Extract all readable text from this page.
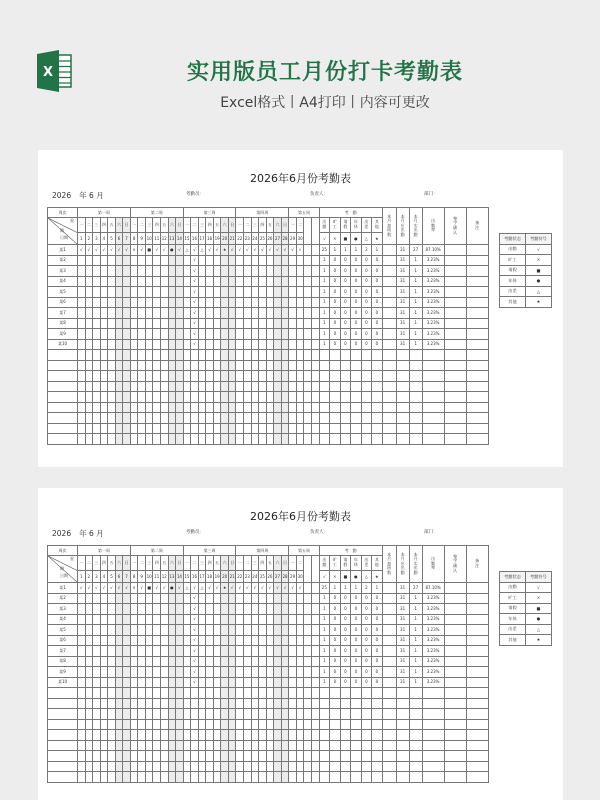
X	实用版员工月份打卡考勤表
Excel格式丨A4打印丨内容可更改
2026年6月份考勤表
2026 年 6 月	考勤员：	负责人：	部门：
周次	第一周							第二周							第三周							第四周							第五周				考　勤						本月加班数	本月应出勤	本月实出勤	出勤率	签字确认	备注

星
期
日期	一	二	三	四	五	六	日	一	二	三	四	五	六	日	一	二	三	四	五	六	日	一	二	三	四	五	六	日	一	二			出勤	旷工	请假	年休	出差	其他						
	1	2	3	4	5	6	7	8	9	10	11	12	13	14	15	16	17	18	19	20	21	22	23	24	25	26	27	28	29	30			√	×	■	●	△	★						
某1	√	√	√	√	√	√	√	×	√	■	√	√	●	√	△	√	△	√	√	★	√	√	√	√	√	√	√	√	√	√			25	1	1	1	2	1		31	27	87.10%		
某2																√																	1	0	0	0	0	0		31	1	3.23%		
某3																√																	1	0	0	0	0	0		31	1	3.23%		
某4																√																	1	0	0	0	0	0		31	1	3.23%		
某5																√																	1	0	0	0	0	0		31	1	3.23%		
某6																√																	1	0	0	0	0	0		31	1	3.23%		
某7																√																	1	0	0	0	0	0		31	1	3.23%		
某8																√																	1	0	0	0	0	0		31	1	3.23%		
某9																√																	1	0	0	0	0	0		31	1	3.23%		
某10																√																	1	0	0	0	0	0		31	1	3.23%		

考勤状态	考勤符号
出勤	√
旷工	×
请假	■
年休	●
出差	△
其他	★
2026年6月份考勤表
2026 年 6 月	考勤员：	负责人：	部门：
周次	第一周							第二周							第三周							第四周							第五周				考　勤						本月加班数	本月应出勤	本月实出勤	出勤率	签字确认	备注

星
期
日期	一	二	三	四	五	六	日	一	二	三	四	五	六	日	一	二	三	四	五	六	日	一	二	三	四	五	六	日	一	二			出勤	旷工	请假	年休	出差	其他						
	1	2	3	4	5	6	7	8	9	10	11	12	13	14	15	16	17	18	19	20	21	22	23	24	25	26	27	28	29	30			√	×	■	●	△	★						
某1	√	√	√	√	√	√	√	×	√	■	√	√	●	√	△	√	△	√	√	★	√	√	√	√	√	√	√	√	√	√			25	1	1	1	2	1		31	27	87.10%		
某2																√																	1	0	0	0	0	0		31	1	3.23%		
某3																√																	1	0	0	0	0	0		31	1	3.23%		
某4																√																	1	0	0	0	0	0		31	1	3.23%		
某5																√																	1	0	0	0	0	0		31	1	3.23%		
某6																√																	1	0	0	0	0	0		31	1	3.23%		
某7																√																	1	0	0	0	0	0		31	1	3.23%		
某8																√																	1	0	0	0	0	0		31	1	3.23%		
某9																√																	1	0	0	0	0	0		31	1	3.23%		
某10																√																	1	0	0	0	0	0		31	1	3.23%		

考勤状态	考勤符号
出勤	√
旷工	×
请假	■
年休	●
出差	△
其他	★
